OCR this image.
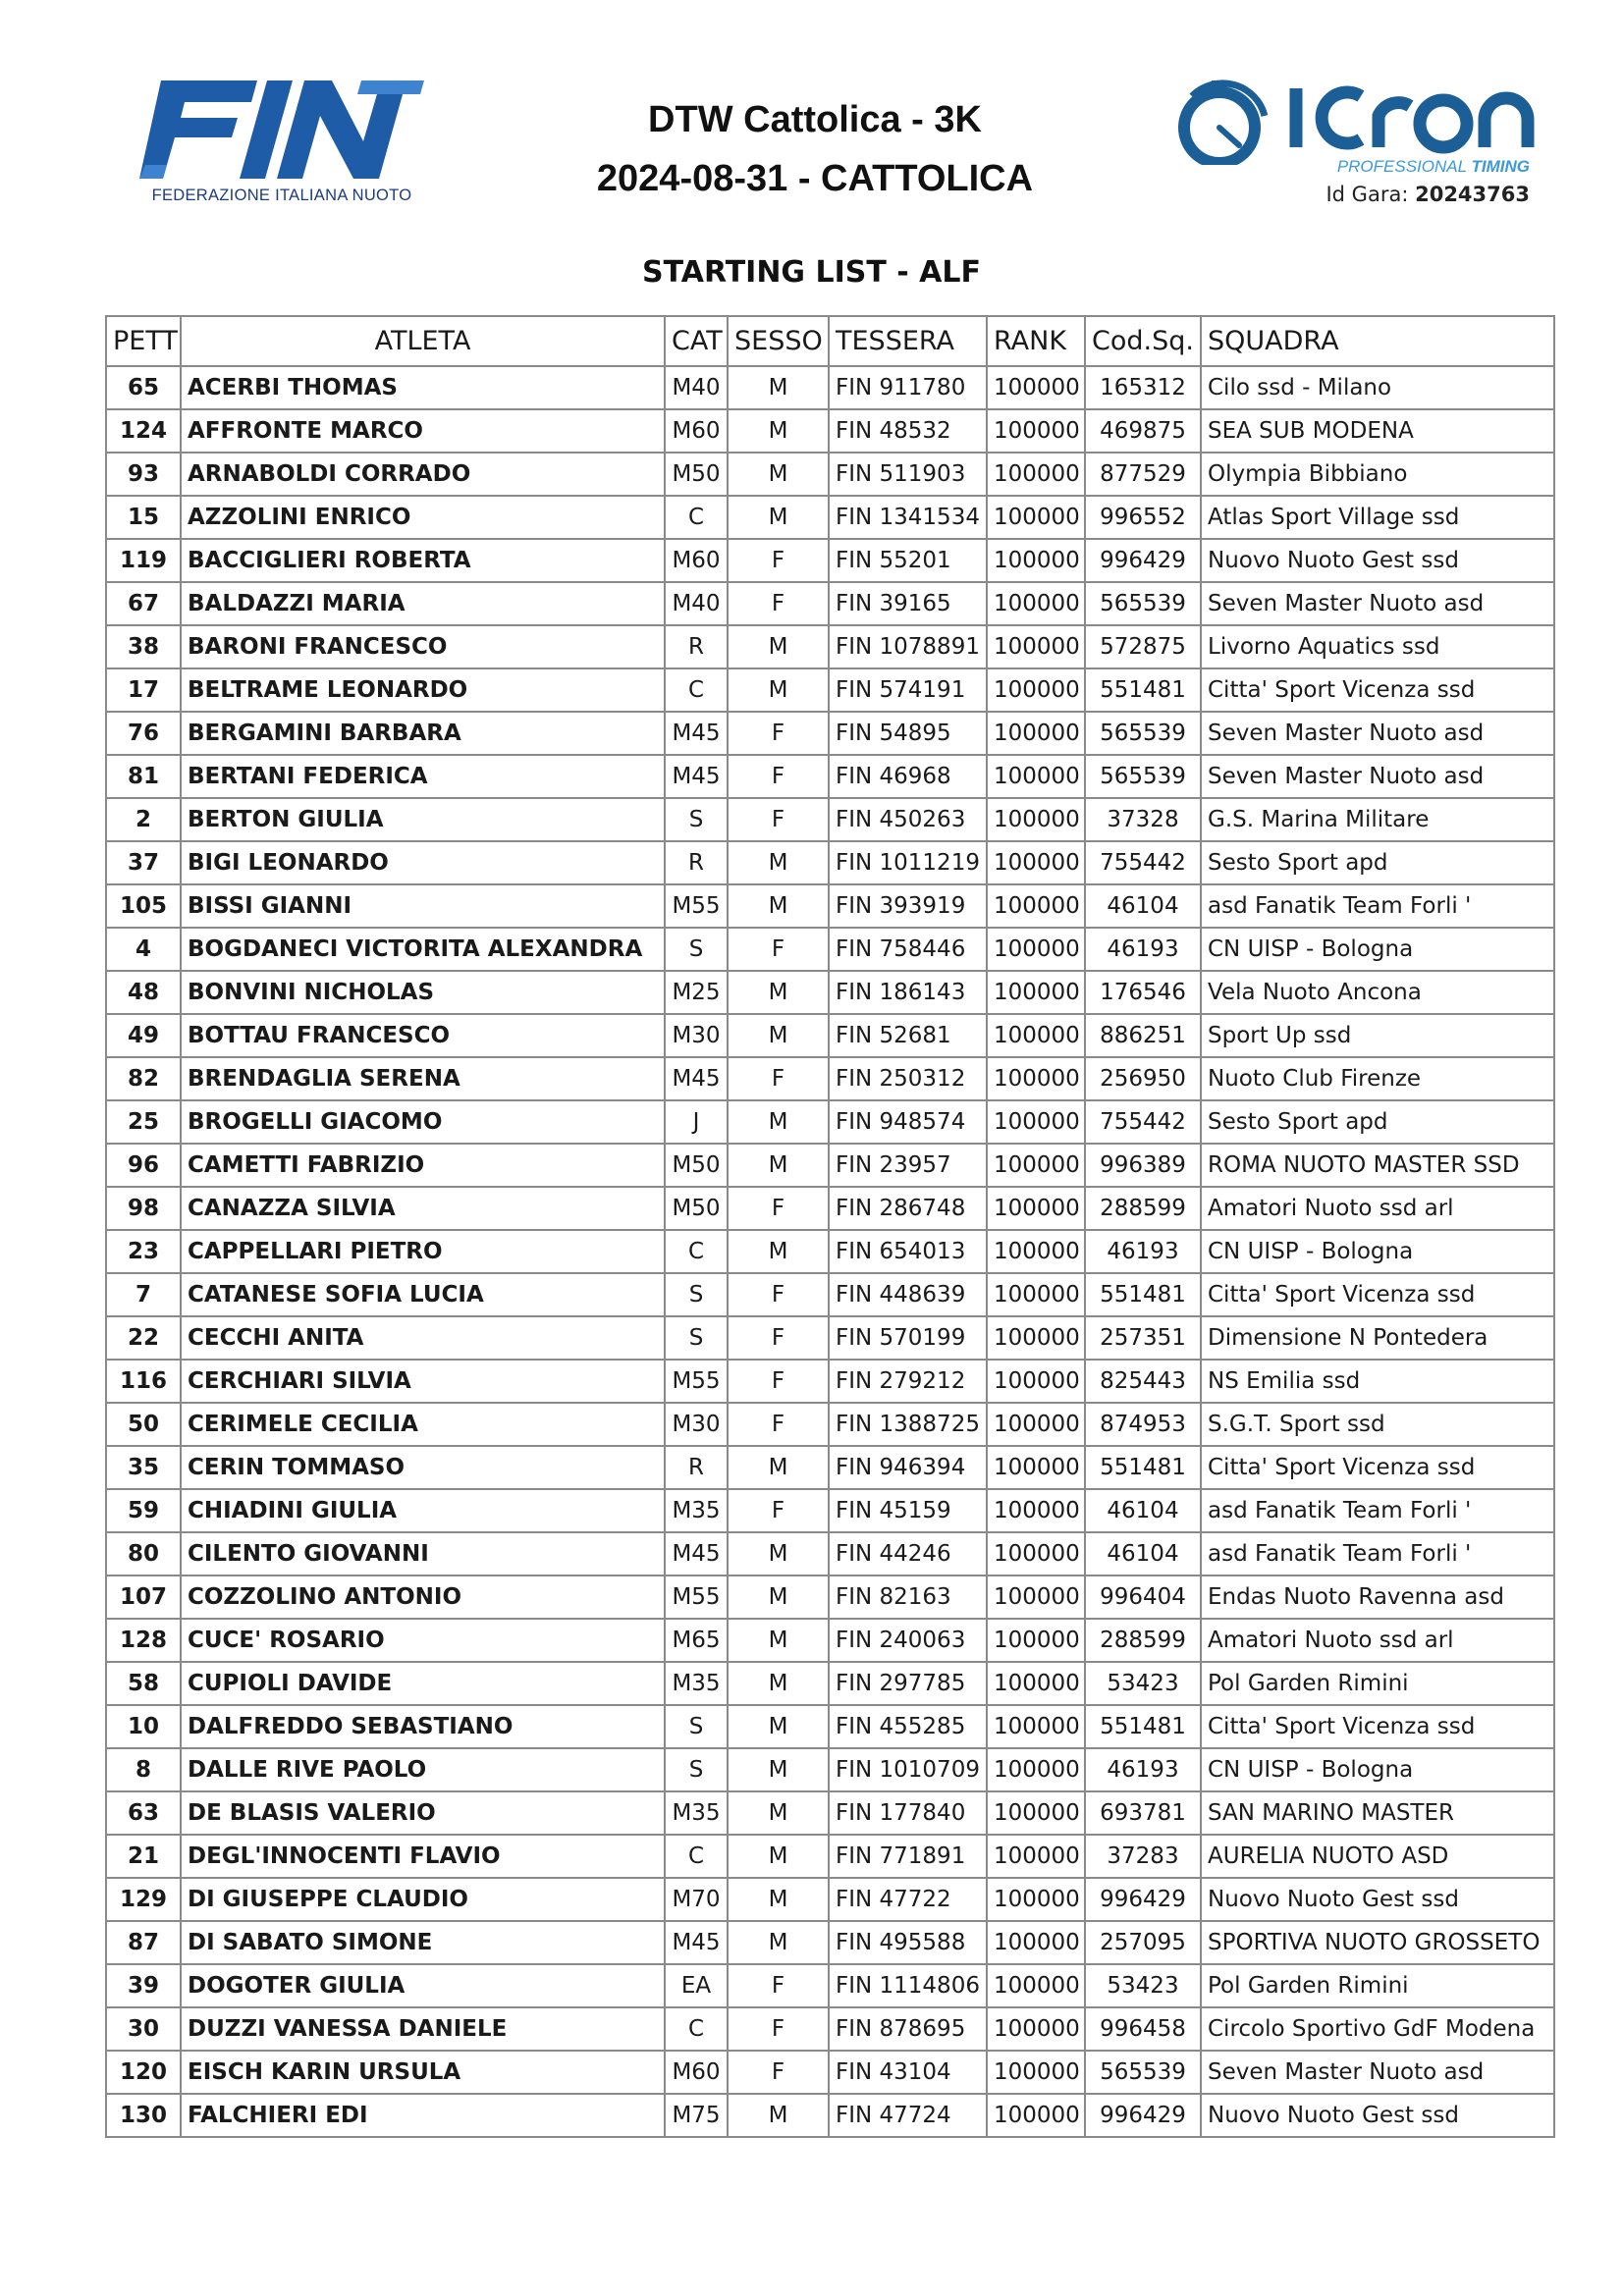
FEDERAZIONE ITALIANA NUOTO
DTW Cattolica - 3K
2024-08-31 - CATTOLICA	PROFESSIONAL TIMING
Id Gara: 20243763
STARTING LIST - ALF
PETT	ATLETA	CAT	SESSO	TESSERA	RANK	Cod.Sq.	SQUADRA
65	ACERBI THOMAS	M40	M	FIN 911780	100000	165312	Cilo ssd - Milano
124	AFFRONTE MARCO	M60	M	FIN 48532	100000	469875	SEA SUB MODENA
93	ARNABOLDI CORRADO	M50	M	FIN 511903	100000	877529	Olympia Bibbiano
15	AZZOLINI ENRICO	C	M	FIN 1341534	100000	996552	Atlas Sport Village ssd
119	BACCIGLIERI ROBERTA	M60	F	FIN 55201	100000	996429	Nuovo Nuoto Gest ssd
67	BALDAZZI MARIA	M40	F	FIN 39165	100000	565539	Seven Master Nuoto asd
38	BARONI FRANCESCO	R	M	FIN 1078891	100000	572875	Livorno Aquatics ssd
17	BELTRAME LEONARDO	C	M	FIN 574191	100000	551481	Citta' Sport Vicenza ssd
76	BERGAMINI BARBARA	M45	F	FIN 54895	100000	565539	Seven Master Nuoto asd
81	BERTANI FEDERICA	M45	F	FIN 46968	100000	565539	Seven Master Nuoto asd
2	BERTON GIULIA	S	F	FIN 450263	100000	37328	G.S. Marina Militare
37	BIGI LEONARDO	R	M	FIN 1011219	100000	755442	Sesto Sport apd
105	BISSI GIANNI	M55	M	FIN 393919	100000	46104	asd Fanatik Team Forli '
4	BOGDANECI VICTORITA ALEXANDRA	S	F	FIN 758446	100000	46193	CN UISP - Bologna
48	BONVINI NICHOLAS	M25	M	FIN 186143	100000	176546	Vela Nuoto Ancona
49	BOTTAU FRANCESCO	M30	M	FIN 52681	100000	886251	Sport Up ssd
82	BRENDAGLIA SERENA	M45	F	FIN 250312	100000	256950	Nuoto Club Firenze
25	BROGELLI GIACOMO	J	M	FIN 948574	100000	755442	Sesto Sport apd
96	CAMETTI FABRIZIO	M50	M	FIN 23957	100000	996389	ROMA NUOTO MASTER SSD
98	CANAZZA SILVIA	M50	F	FIN 286748	100000	288599	Amatori Nuoto ssd arl
23	CAPPELLARI PIETRO	C	M	FIN 654013	100000	46193	CN UISP - Bologna
7	CATANESE SOFIA LUCIA	S	F	FIN 448639	100000	551481	Citta' Sport Vicenza ssd
22	CECCHI ANITA	S	F	FIN 570199	100000	257351	Dimensione N Pontedera
116	CERCHIARI SILVIA	M55	F	FIN 279212	100000	825443	NS Emilia ssd
50	CERIMELE CECILIA	M30	F	FIN 1388725	100000	874953	S.G.T. Sport ssd
35	CERIN TOMMASO	R	M	FIN 946394	100000	551481	Citta' Sport Vicenza ssd
59	CHIADINI GIULIA	M35	F	FIN 45159	100000	46104	asd Fanatik Team Forli '
80	CILENTO GIOVANNI	M45	M	FIN 44246	100000	46104	asd Fanatik Team Forli '
107	COZZOLINO ANTONIO	M55	M	FIN 82163	100000	996404	Endas Nuoto Ravenna asd
128	CUCE' ROSARIO	M65	M	FIN 240063	100000	288599	Amatori Nuoto ssd arl
58	CUPIOLI DAVIDE	M35	M	FIN 297785	100000	53423	Pol Garden Rimini
10	DALFREDDO SEBASTIANO	S	M	FIN 455285	100000	551481	Citta' Sport Vicenza ssd
8	DALLE RIVE PAOLO	S	M	FIN 1010709	100000	46193	CN UISP - Bologna
63	DE BLASIS VALERIO	M35	M	FIN 177840	100000	693781	SAN MARINO MASTER
21	DEGL'INNOCENTI FLAVIO	C	M	FIN 771891	100000	37283	AURELIA NUOTO ASD
129	DI GIUSEPPE CLAUDIO	M70	M	FIN 47722	100000	996429	Nuovo Nuoto Gest ssd
87	DI SABATO SIMONE	M45	M	FIN 495588	100000	257095	SPORTIVA NUOTO GROSSETO
39	DOGOTER GIULIA	EA	F	FIN 1114806	100000	53423	Pol Garden Rimini
30	DUZZI VANESSA DANIELE	C	F	FIN 878695	100000	996458	Circolo Sportivo GdF Modena
120	EISCH KARIN URSULA	M60	F	FIN 43104	100000	565539	Seven Master Nuoto asd
130	FALCHIERI EDI	M75	M	FIN 47724	100000	996429	Nuovo Nuoto Gest ssd
